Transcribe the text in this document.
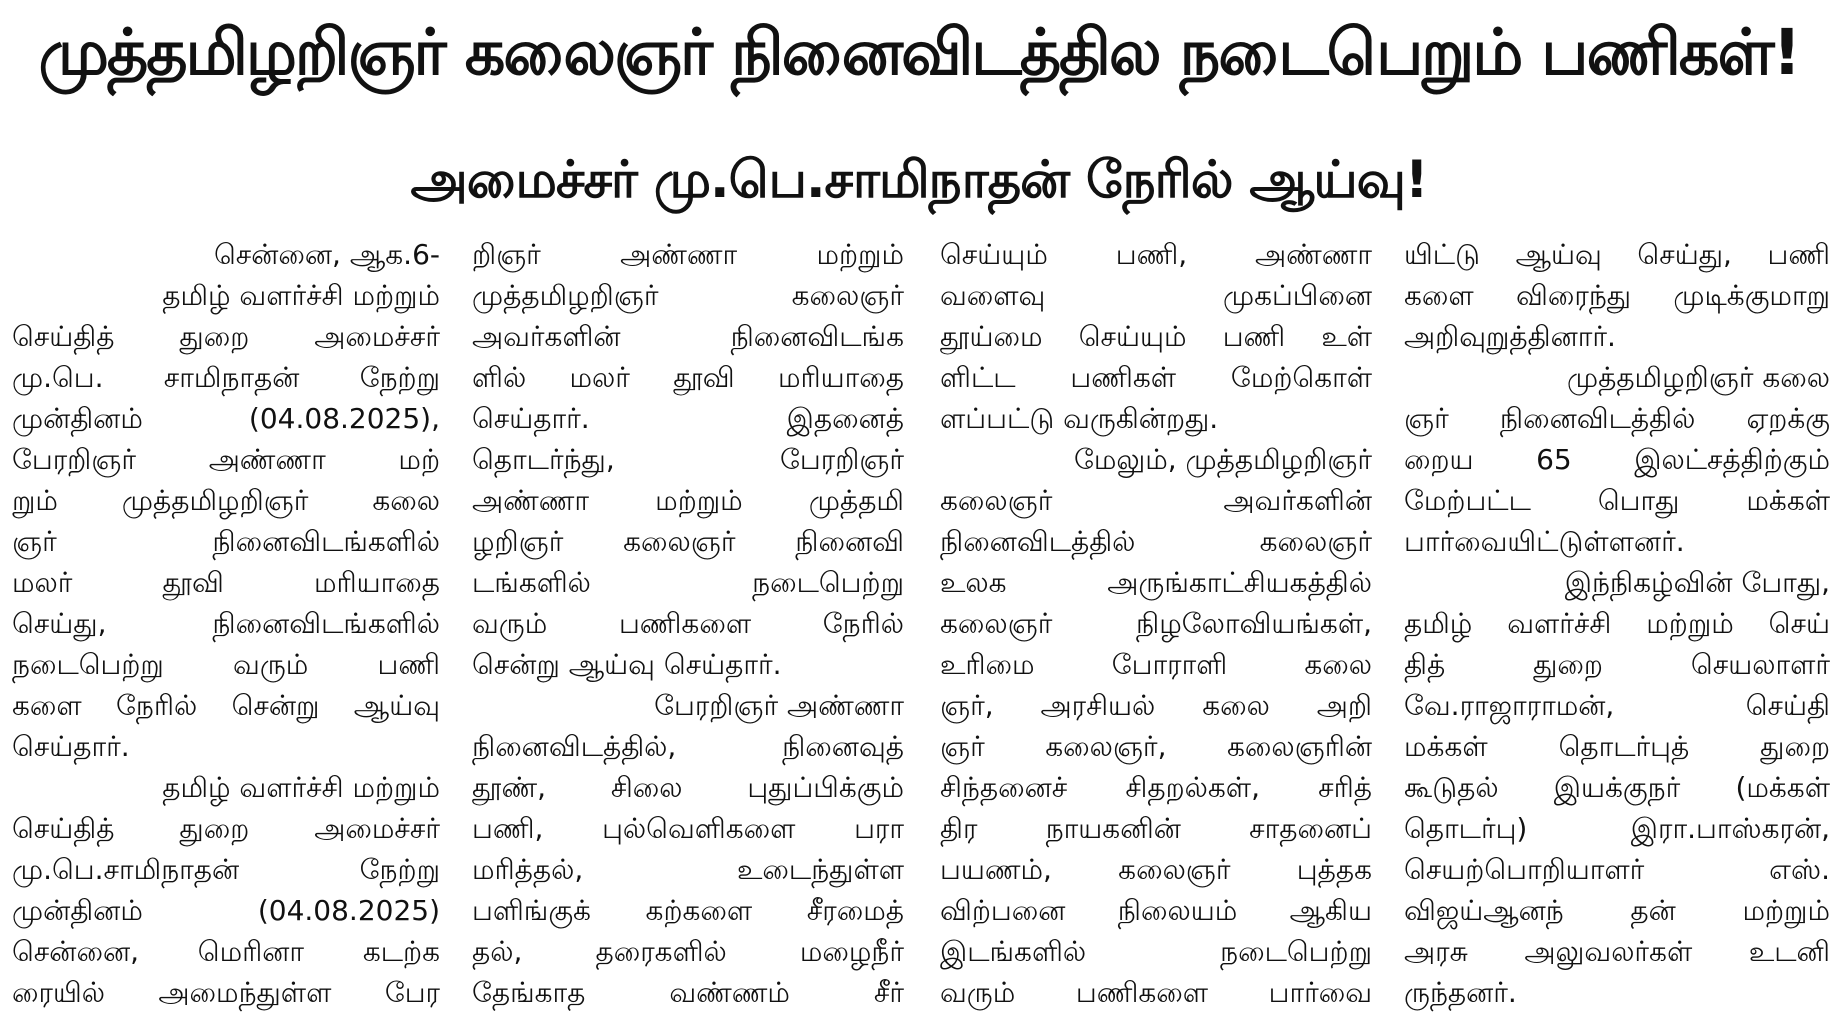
முத்தமிழறிஞர் கலைஞர் நினைவிடத்தில நடைபெறும் பணிகள்!
அமைச்சர் மு.பெ.சாமிநாதன் நேரில் ஆய்வு!
சென்னை, ஆக.6-
தமிழ் வளர்ச்சி மற்றும்
செய்தித் துறை அமைச்சர்
மு.பெ. சாமிநாதன் நேற்று
முன்தினம் (04.08.2025),
பேரறிஞர் அண்ணா மற்
றும் முத்தமிழறிஞர் கலை
ஞர் நினைவிடங்களில்
மலர் தூவி மரியாதை
செய்து, நினைவிடங்களில்
நடைபெற்று வரும் பணி
களை நேரில் சென்று ஆய்வு
செய்தார்.
தமிழ் வளர்ச்சி மற்றும்
செய்தித் துறை அமைச்சர்
மு.பெ.சாமிநாதன் நேற்று
முன்தினம் (04.08.2025)
சென்னை, மெரினா கடற்க
ரையில் அமைந்துள்ள பேர
றிஞர் அண்ணா மற்றும்
முத்தமிழறிஞர் கலைஞர்
அவர்களின் நினைவிடங்க
ளில் மலர் தூவி மரியாதை
செய்தார். இதனைத்
தொடர்ந்து, பேரறிஞர்
அண்ணா மற்றும் முத்தமி
ழறிஞர் கலைஞர் நினைவி
டங்களில் நடைபெற்று
வரும் பணிகளை நேரில்
சென்று ஆய்வு செய்தார்.
பேரறிஞர் அண்ணா
நினைவிடத்தில், நினைவுத்
தூண், சிலை புதுப்பிக்கும்
பணி, புல்வெளிகளை பரா
மரித்தல், உடைந்துள்ள
பளிங்குக் கற்களை சீரமைத்
தல், தரைகளில் மழைநீர்
தேங்காத வண்ணம் சீர்
செய்யும் பணி, அண்ணா
வளைவு முகப்பினை
தூய்மை செய்யும் பணி உள்
ளிட்ட பணிகள் மேற்கொள்
ளப்பட்டு வருகின்றது.
மேலும், முத்தமிழறிஞர்
கலைஞர் அவர்களின்
நினைவிடத்தில் கலைஞர்
உலக அருங்காட்சியகத்தில்
கலைஞர் நிழலோவியங்கள்,
உரிமை போராளி கலை
ஞர், அரசியல் கலை அறி
ஞர் கலைஞர், கலைஞரின்
சிந்தனைச் சிதறல்கள், சரித்
திர நாயகனின் சாதனைப்
பயணம், கலைஞர் புத்தக
விற்பனை நிலையம் ஆகிய
இடங்களில் நடைபெற்று
வரும் பணிகளை பார்வை
யிட்டு ஆய்வு செய்து, பணி
களை விரைந்து முடிக்குமாறு
அறிவுறுத்தினார்.
முத்தமிழறிஞர் கலை
ஞர் நினைவிடத்தில் ஏறக்கு
றைய 65 இலட்சத்திற்கும்
மேற்பட்ட பொது மக்கள்
பார்வையிட்டுள்ளனர்.
இந்நிகழ்வின் போது,
தமிழ் வளர்ச்சி மற்றும் செய்
தித் துறை செயலாளர்
வே.ராஜாராமன், செய்தி
மக்கள் தொடர்புத் துறை
கூடுதல் இயக்குநர் (மக்கள்
தொடர்பு) இரா.பாஸ்கரன்,
செயற்பொறியாளர் எஸ்.
விஜய்ஆனந் தன் மற்றும்
அரசு அலுவலர்கள் உடனி
ருந்தனர்.
